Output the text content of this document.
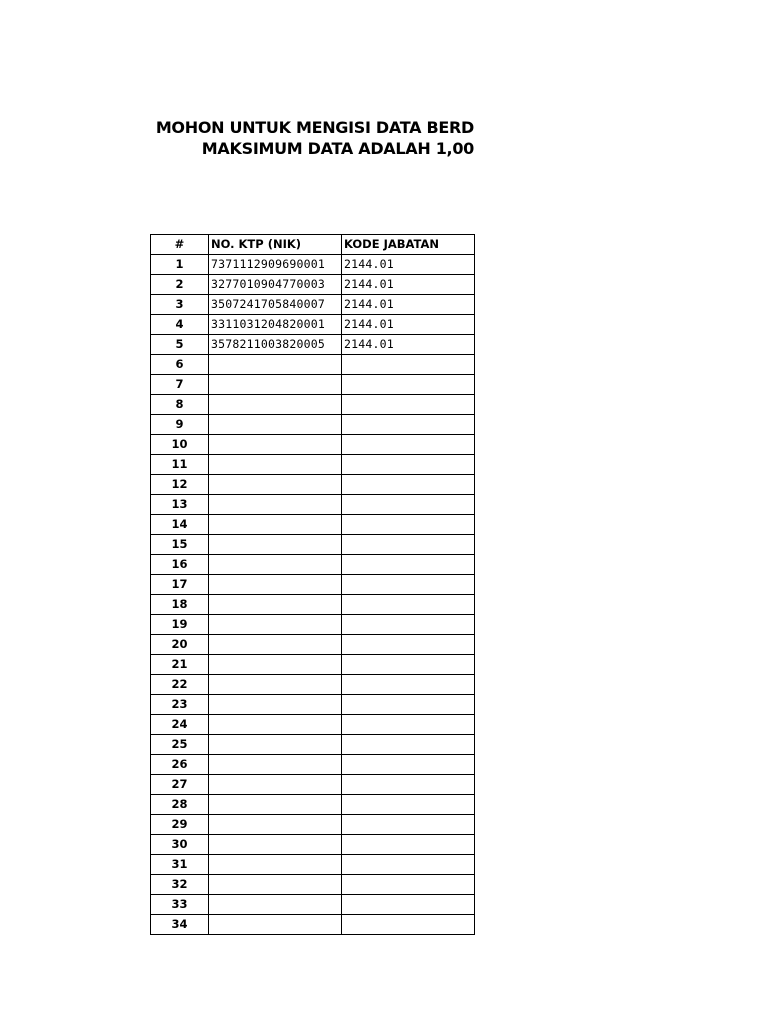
MOHON UNTUK MENGISI DATA BERD
MAKSIMUM DATA ADALAH 1,00
#	NO. KTP (NIK)	KODE JABATAN
1	7371112909690001	2144.01
2	3277010904770003	2144.01
3	3507241705840007	2144.01
4	3311031204820001	2144.01
5	3578211003820005	2144.01
6		
7		
8		
9		
10		
11		
12		
13		
14		
15		
16		
17		
18		
19		
20		
21		
22		
23		
24		
25		
26		
27		
28		
29		
30		
31		
32		
33		
34		
